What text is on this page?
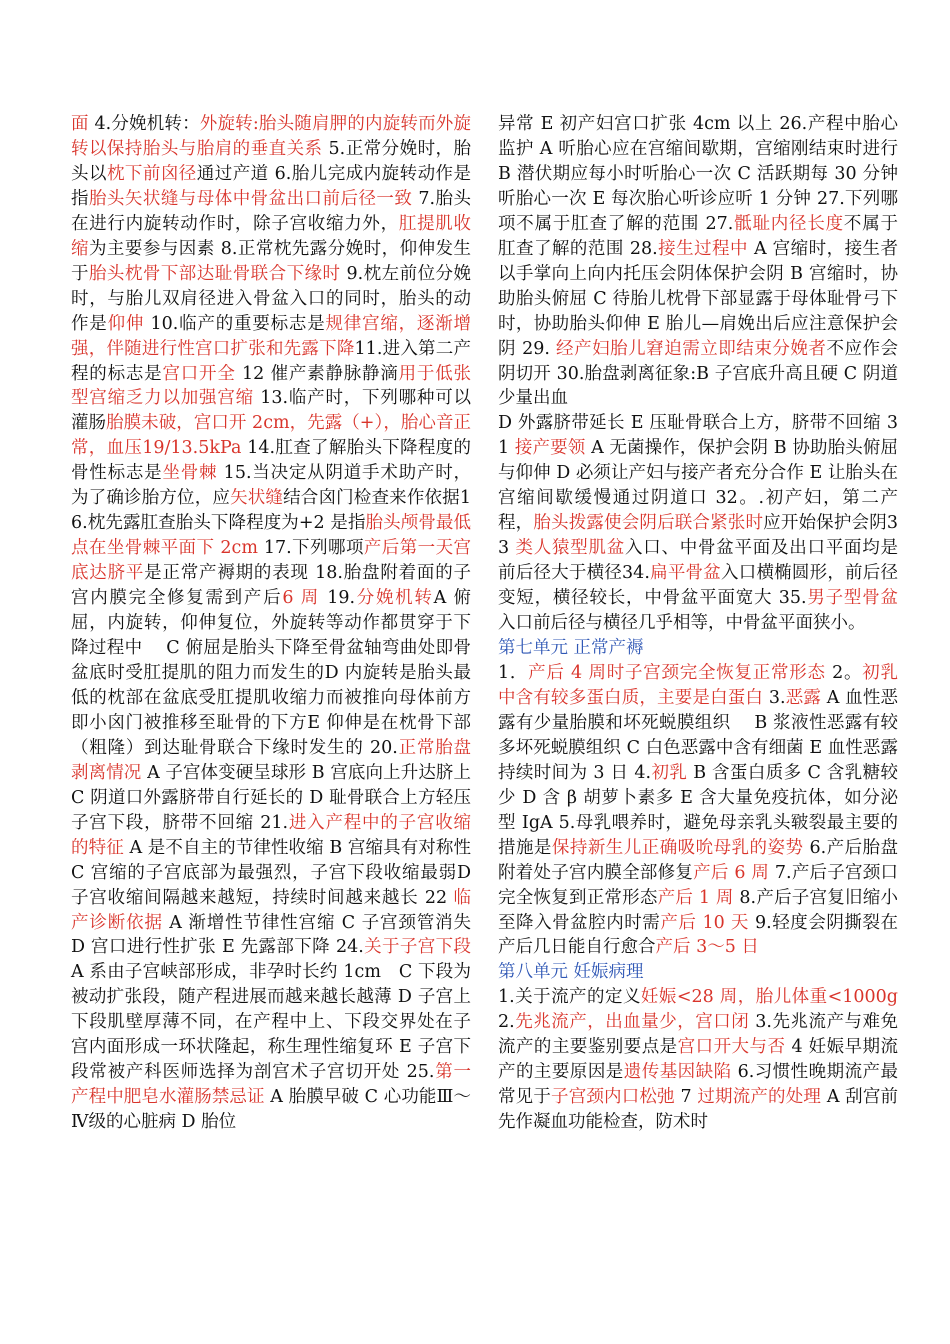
面 4.分娩机转：外旋转:胎头随肩胛的内旋转而外旋转以保持胎头与胎肩的垂直关系 5.正常分娩时，胎头以枕下前囟径通过产道 6.胎儿完成内旋转动作是指胎头矢状缝与母体中骨盆出口前后径一致 7.胎头在进行内旋转动作时，除子宫收缩力外，肛提肌收缩为主要参与因素 8.正常枕先露分娩时，仰伸发生于胎头枕骨下部达耻骨联合下缘时 9.枕左前位分娩时，与胎儿双肩径进入骨盆入口的同时，胎头的动作是仰伸 10.临产的重要标志是规律宫缩，逐渐增强，伴随进行性宫口扩张和先露下降11.进入第二产程的标志是宫口开全 12 催产素静脉静滴用于低张型宫缩乏力以加强宫缩 13.临产时，下列哪种可以灌肠胎膜未破，宫口开 2cm，先露（+），胎心音正常，血压19/13.5kPa 14.肛查了解胎头下降程度的骨性标志是坐骨棘 15.当决定从阴道手术助产时，为了确诊胎方位，应矢状缝结合囟门检查来作依据16.枕先露肛查胎头下降程度为+2 是指胎头颅骨最低点在坐骨棘平面下 2cm 17.下列哪项产后第一天宫底达脐平是正常产褥期的表现 18.胎盘附着面的子宫内膜完全修复需到产后6 周 19.分娩机转A 俯屈，内旋转，仰伸复位，外旋转等动作都贯穿于下降过程中　 C 俯屈是胎头下降至骨盆轴弯曲处即骨盆底时受肛提肌的阻力而发生的D 内旋转是胎头最低的枕部在盆底受肛提肌收缩力而被推向母体前方即小囟门被推移至耻骨的下方E 仰伸是在枕骨下部（粗隆）到达耻骨联合下缘时发生的 20.正常胎盘剥离情况 A 子宫体变硬呈球形 B 宫底向上升达脐上 C 阴道口外露脐带自行延长的 D 耻骨联合上方轻压子宫下段，脐带不回缩 21.进入产程中的子宫收缩的特征 A 是不自主的节律性收缩 B 宫缩具有对称性 C 宫缩的子宫底部为最强烈，子宫下段收缩最弱D 子宫收缩间隔越来越短，持续时间越来越长 22 临产诊断依据 A 渐增性节律性宫缩 C 子宫颈管消失 D 宫口进行性扩张 E 先露部下降 24.关于子宫下段A 系由子宫峡部形成，非孕时长约 1cm　C 下段为被动扩张段，随产程进展而越来越长越薄 D 子宫上下段肌壁厚薄不同，在产程中上、下段交界处在子宫内面形成一环状隆起，称生理性缩复环 E 子宫下段常被产科医师选择为剖宫术子宫切开处 25.第一产程中肥皂水灌肠禁忌证 A 胎膜早破 C 心功能Ⅲ～Ⅳ级的心脏病 D 胎位

异常 E 初产妇宫口扩张 4cm 以上 26.产程中胎心监护 A 听胎心应在宫缩间歇期，宫缩刚结束时进行 B 潜伏期应每小时听胎心一次 C 活跃期每 30 分钟听胎心一次 E 每次胎心听诊应听 1 分钟 27.下列哪项不属于肛查了解的范围 27.骶耻内径长度不属于肛查了解的范围 28.接生过程中 A 宫缩时，接生者以手掌向上向内托压会阴体保护会阴 B 宫缩时，协助胎头俯屈 C 待胎儿枕骨下部显露于母体耻骨弓下时，协助胎头仰伸 E 胎儿—肩娩出后应注意保护会阴 29. 经产妇胎儿窘迫需立即结束分娩者不应作会阴切开 30.胎盘剥离征象:B 子宫底升高且硬 C 阴道少量出血

D 外露脐带延长 E 压耻骨联合上方，脐带不回缩 31 接产要领 A 无菌操作，保护会阴 B 协助胎头俯屈与仰伸 D 必须让产妇与接产者充分合作 E 让胎头在宫缩间歇缓慢通过阴道口 32。.初产妇，第二产程，胎头拨露使会阴后联合紧张时应开始保护会阴33 类人猿型肌盆入口、中骨盆平面及出口平面均是前后径大于横径34.扁平骨盆入口横椭圆形，前后径变短，横径较长，中骨盆平面宽大 35.男子型骨盆入口前后径与横径几乎相等，中骨盆平面狭小。

第七单元 正常产褥

1．产后 4 周时子宫颈完全恢复正常形态 2。初乳中含有较多蛋白质，主要是白蛋白 3.恶露 A 血性恶露有少量胎膜和坏死蜕膜组织　 B 浆液性恶露有较多坏死蜕膜组织 C 白色恶露中含有细菌 E 血性恶露持续时间为 3 日 4.初乳 B 含蛋白质多 C 含乳糖较少 D 含 β 胡萝卜素多 E 含大量免疫抗体，如分泌型 IgA 5.母乳喂养时，避免母亲乳头皲裂最主要的措施是保持新生儿正确吸吮母乳的姿势 6.产后胎盘附着处子宫内膜全部修复产后 6 周 7.产后子宫颈口完全恢复到正常形态产后 1 周 8.产后子宫复旧缩小至降入骨盆腔内时需产后 10 天 9.轻度会阴撕裂在产后几日能自行愈合产后 3～5 日

第八单元 妊娠病理

1.关于流产的定义妊娠<28 周，胎儿体重<1000g 2.先兆流产，出血量少，宫口闭 3.先兆流产与难免流产的主要鉴别要点是宫口开大与否 4 妊娠早期流产的主要原因是遗传基因缺陷 6.习惯性晚期流产最常见于子宫颈内口松弛 7 过期流产的处理 A 刮宫前先作凝血功能检查，防术时
